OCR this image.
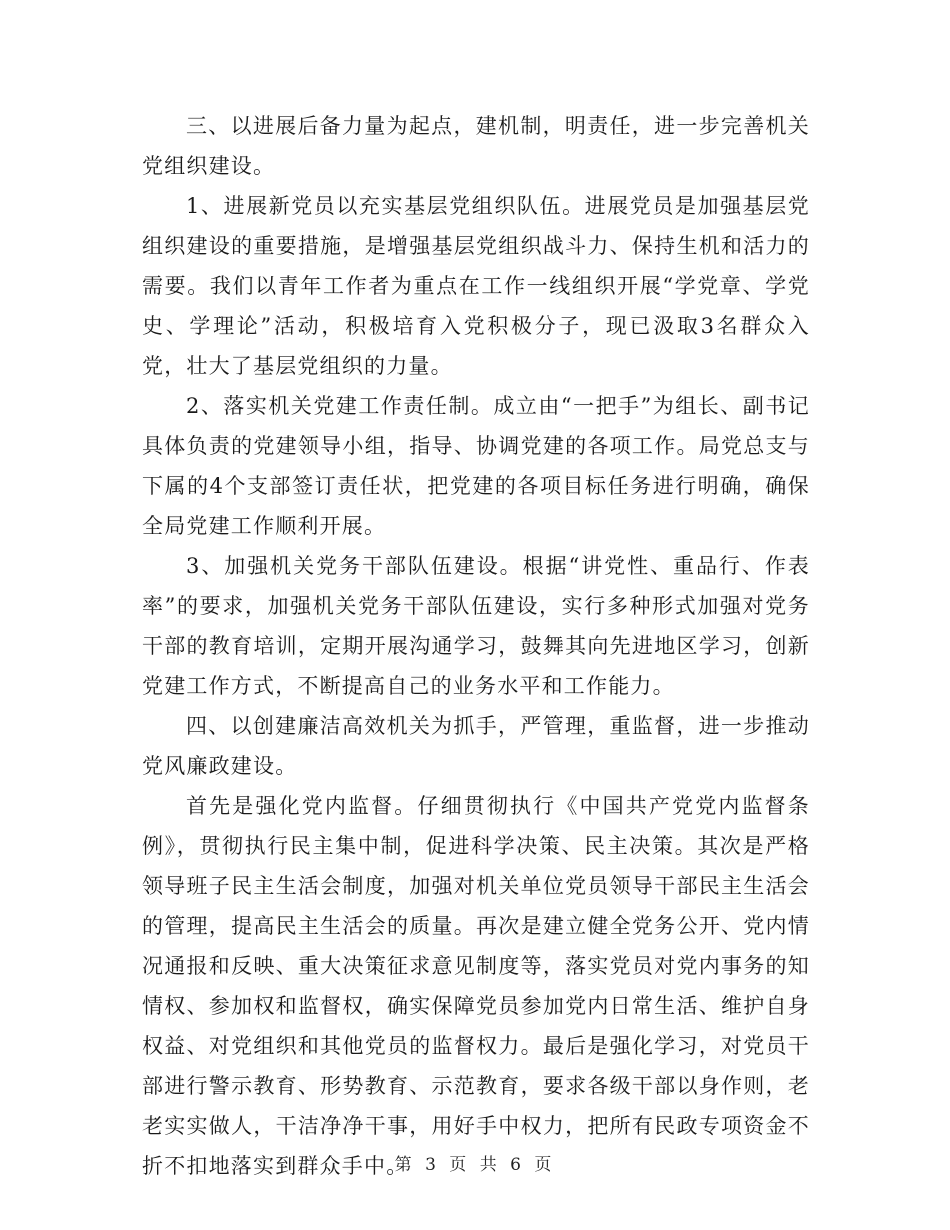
三、以进展后备力量为起点，建机制，明责任，进一步完善机关党组织建设。

1、进展新党员以充实基层党组织队伍。进展党员是加强基层党组织建设的重要措施，是增强基层党组织战斗力、保持生机和活力的需要。我们以青年工作者为重点在工作一线组织开展“学党章、学党史、学理论”活动，积极培育入党积极分子，现已汲取3名群众入党，壮大了基层党组织的力量。

2、落实机关党建工作责任制。成立由“一把手”为组长、副书记具体负责的党建领导小组，指导、协调党建的各项工作。局党总支与下属的4个支部签订责任状，把党建的各项目标任务进行明确，确保全局党建工作顺利开展。

3、加强机关党务干部队伍建设。根据“讲党性、重品行、作表率”的要求，加强机关党务干部队伍建设，实行多种形式加强对党务干部的教育培训，定期开展沟通学习，鼓舞其向先进地区学习，创新党建工作方式，不断提高自己的业务水平和工作能力。

四、以创建廉洁高效机关为抓手，严管理，重监督，进一步推动党风廉政建设。

首先是强化党内监督。仔细贯彻执行《中国共产党党内监督条例》，贯彻执行民主集中制，促进科学决策、民主决策。其次是严格领导班子民主生活会制度，加强对机关单位党员领导干部民主生活会的管理，提高民主生活会的质量。再次是建立健全党务公开、党内情况通报和反映、重大决策征求意见制度等，落实党员对党内事务的知情权、参加权和监督权，确实保障党员参加党内日常生活、维护自身权益、对党组织和其他党员的监督权力。最后是强化学习，对党员干部进行警示教育、形势教育、示范教育，要求各级干部以身作则，老老实实做人，干洁净净干事，用好手中权力，把所有民政专项资金不折不扣地落实到群众手中。

第 3 页 共 6 页
